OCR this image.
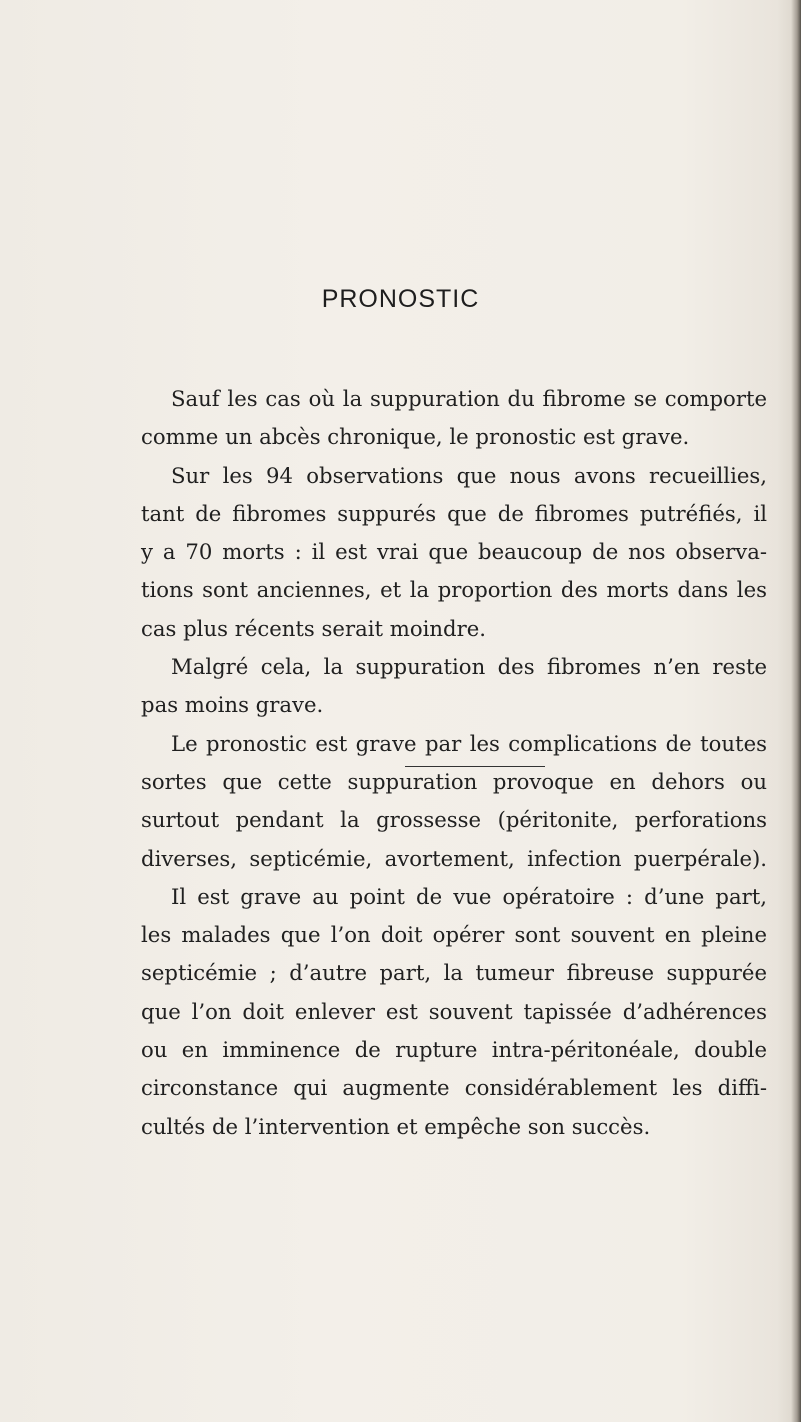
PRONOSTIC
Sauf les cas où la suppuration du fibrome se comporte
comme un abcès chronique, le pronostic est grave.
Sur les 94 observations que nous avons recueillies,
tant de fibromes suppurés que de fibromes putréfiés, il
y a 70 morts : il est vrai que beaucoup de nos observa-
tions sont anciennes, et la proportion des morts dans les
cas plus récents serait moindre.
Malgré cela, la suppuration des fibromes n’en reste
pas moins grave.
Le pronostic est grave par les complications de toutes
sortes que cette suppuration provoque en dehors ou
surtout pendant la grossesse (péritonite, perforations
diverses, septicémie, avortement, infection puerpérale).
Il est grave au point de vue opératoire : d’une part,
les malades que l’on doit opérer sont souvent en pleine
septicémie ; d’autre part, la tumeur fibreuse suppurée
que l’on doit enlever est souvent tapissée d’adhérences
ou en imminence de rupture intra-péritonéale, double
circonstance qui augmente considérablement les diffi-
cultés de l’intervention et empêche son succès.
